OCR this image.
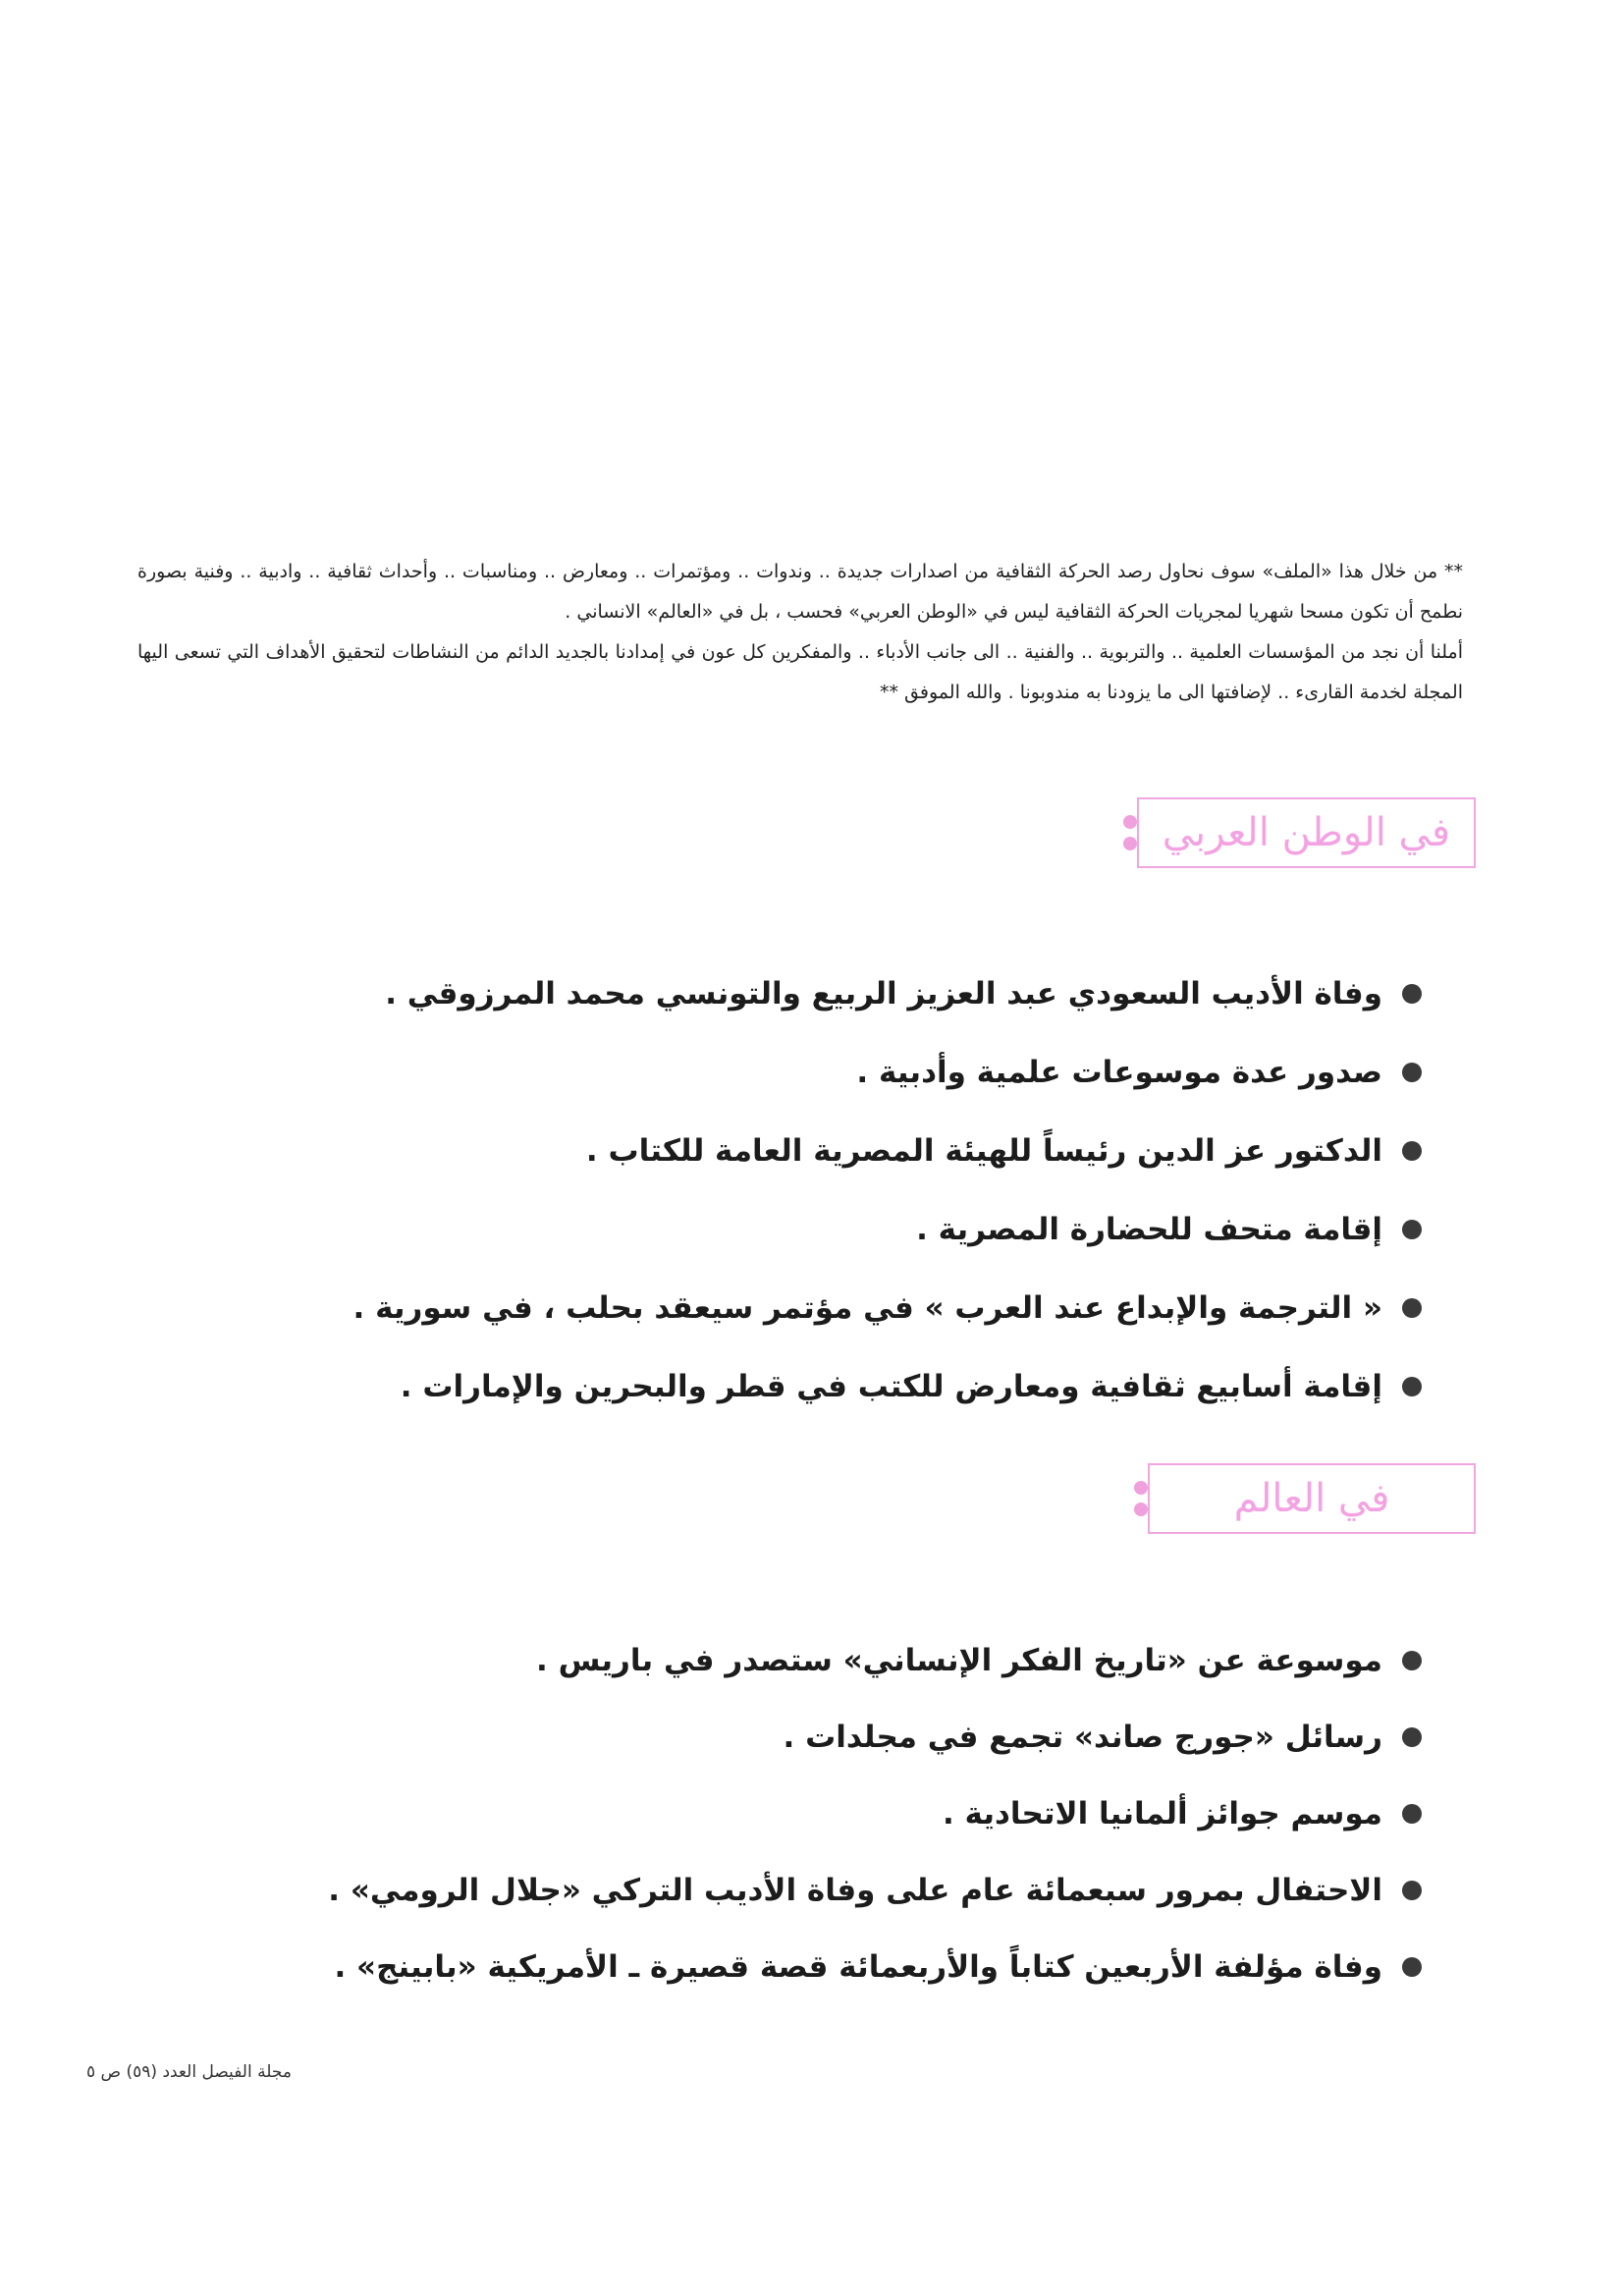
** من خلال هذا «الملف» سوف نحاول رصد الحركة الثقافية من اصدارات جديدة .. وندوات .. ومؤتمرات .. ومعارض .. ومناسبات .. وأحداث ثقافية .. وادبية .. وفنية بصورة نطمح أن تكون مسحا شهريا لمجريات الحركة الثقافية ليس في «الوطن العربي» فحسب ، بل في «العالم» الانساني .

أملنا أن نجد من المؤسسات العلمية .. والتربوية .. والفنية .. الى جانب الأدباء .. والمفكرين كل عون في إمدادنا بالجديد الدائم من النشاطات لتحقيق الأهداف التي تسعى اليها المجلة لخدمة القارىء .. لإضافتها الى ما يزودنا به مندوبونا . والله الموفق **

في الوطن العربي
وفاة الأديب السعودي عبد العزيز الربيع والتونسي محمد المرزوقي .
صدور عدة موسوعات علمية وأدبية .
الدكتور عز الدين رئيساً للهيئة المصرية العامة للكتاب .
إقامة متحف للحضارة المصرية .
« الترجمة والإبداع عند العرب » في مؤتمر سيعقد بحلب ، في سورية .
إقامة أسابيع ثقافية ومعارض للكتب في قطر والبحرين والإمارات .
في العالم
موسوعة عن «تاريخ الفكر الإنساني» ستصدر في باريس .
رسائل «جورج صاند» تجمع في مجلدات .
موسم جوائز ألمانيا الاتحادية .
الاحتفال بمرور سبعمائة عام على وفاة الأديب التركي «جلال الرومي» .
وفاة مؤلفة الأربعين كتاباً والأربعمائة قصة قصيرة ـ الأمريكية «بابينج» .
مجلة الفيصل العدد (٥٩) ص ٥
